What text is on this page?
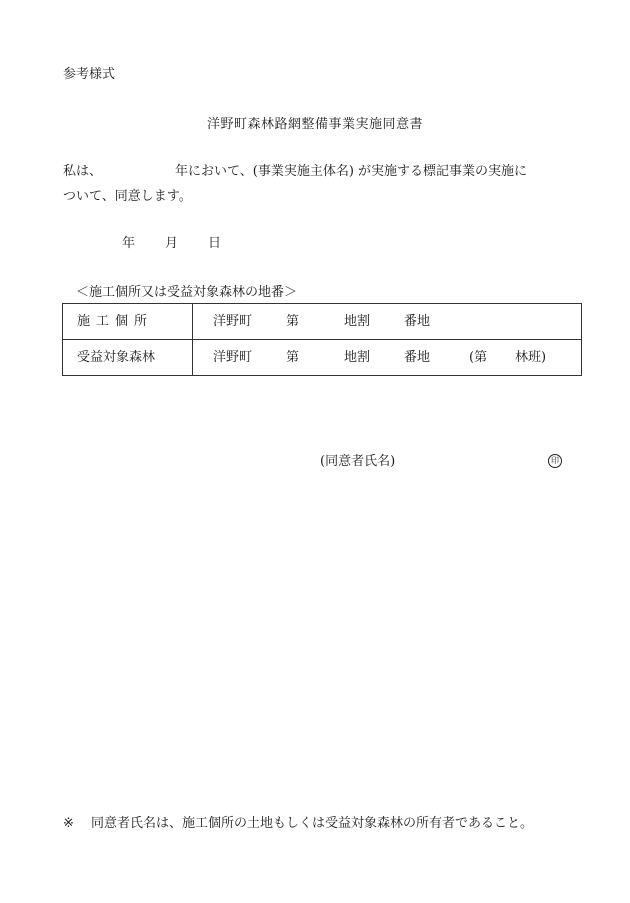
参考様式
洋野町森林路網整備事業実施同意書
私は、	年において、(事業実施主体名) が実施する標記事業の実施に
ついて、同意します。
年 月 日
＜施工個所又は受益対象森林の地番＞
施工個所	洋野町 第 地割 番地
受益対象森林	洋野町 第 地割 番地 (第 林班)
(同意者氏名)	印
※ 同意者氏名は、施工個所の土地もしくは受益対象森林の所有者であること。
